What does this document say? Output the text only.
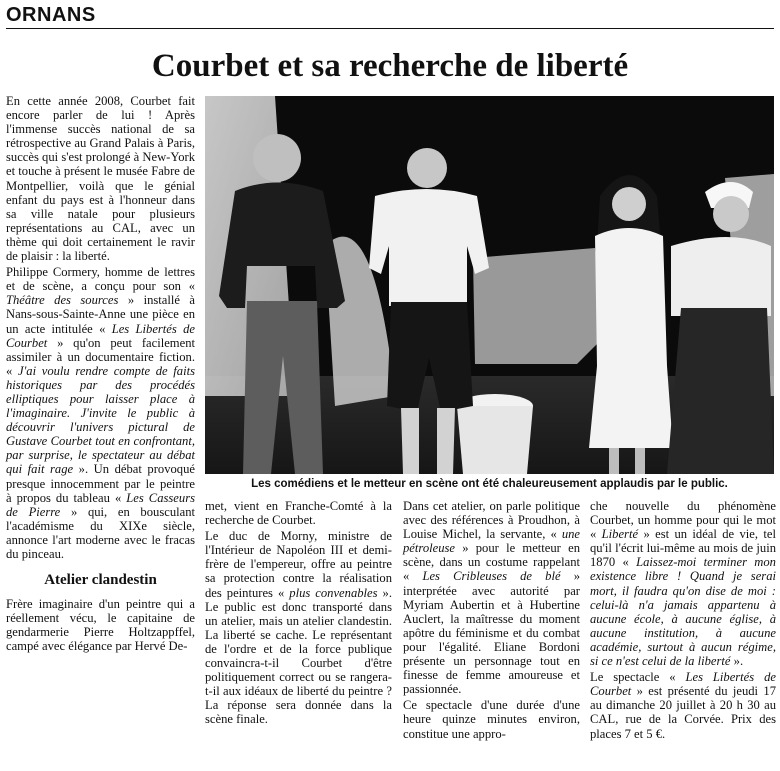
ORNANS
Courbet et sa recherche de liberté

En cette année 2008, Courbet fait encore parler de lui ! Après l'immense succès national de sa rétrospective au Grand Palais à Paris, succès qui s'est prolongé à New-York et touche à présent le musée Fabre de Montpellier, voilà que le génial enfant du pays est à l'honneur dans sa ville natale pour plusieurs représentations au CAL, avec un thème qui doit certainement le ravir de plaisir : la liberté.

Philippe Cormery, homme de lettres et de scène, a conçu pour son « Théâtre des sources » installé à Nans-sous-Sainte-Anne une pièce en un acte intitulée « Les Libertés de Courbet » qu'on peut facilement assimiler à un documentaire fiction. « J'ai voulu rendre compte de faits historiques par des procédés elliptiques pour laisser place à l'imaginaire. J'invite le public à découvrir l'univers pictural de Gustave Courbet tout en confrontant, par surprise, le spectateur au débat qui fait rage ». Un débat provoqué presque innocemment par le peintre à propos du tableau « Les Casseurs de Pierre » qui, en bousculant l'académisme du XIXe siècle, annonce l'art moderne avec le fracas du pinceau.

Atelier clandestin

Frère imaginaire d'un peintre qui a réellement vécu, le capitaine de gendarmerie Pierre Holtzappffel, campé avec élégance par Hervé De-

Les comédiens et le metteur en scène ont été chaleureusement applaudis par le public.

met, vient en Franche-Comté à la recherche de Courbet.

Le duc de Morny, ministre de l'Intérieur de Napoléon III et demi-frère de l'empereur, offre au peintre sa protection contre la réalisation des peintures « plus convenables ». Le public est donc transporté dans un atelier, mais un atelier clandestin. La liberté se cache. Le représentant de l'ordre et de la force publique convaincra-t-il Courbet d'être politiquement correct ou se rangera-t-il aux idéaux de liberté du peintre ? La réponse sera donnée dans la scène finale.

Dans cet atelier, on parle politique avec des références à Proudhon, à Louise Michel, la servante, « une pétroleuse » pour le metteur en scène, dans un costume rappelant « Les Cribleuses de blé » interprétée avec autorité par Myriam Aubertin et à Hubertine Auclert, la maîtresse du moment apôtre du féminisme et du combat pour l'égalité. Eliane Bordoni présente un personnage tout en finesse de femme amoureuse et passionnée.

Ce spectacle d'une durée d'une heure quinze minutes environ, constitue une appro-

che nouvelle du phénomène Courbet, un homme pour qui le mot « Liberté » est un idéal de vie, tel qu'il l'écrit lui-même au mois de juin 1870 « Laissez-moi terminer mon existence libre ! Quand je serai mort, il faudra qu'on dise de moi : celui-là n'a jamais appartenu à aucune école, à aucune église, à aucune institution, à aucune académie, surtout à aucun régime, si ce n'est celui de la liberté ».

Le spectacle « Les Libertés de Courbet » est présenté du jeudi 17 au dimanche 20 juillet à 20 h 30 au CAL, rue de la Corvée. Prix des places 7 et 5 €.
